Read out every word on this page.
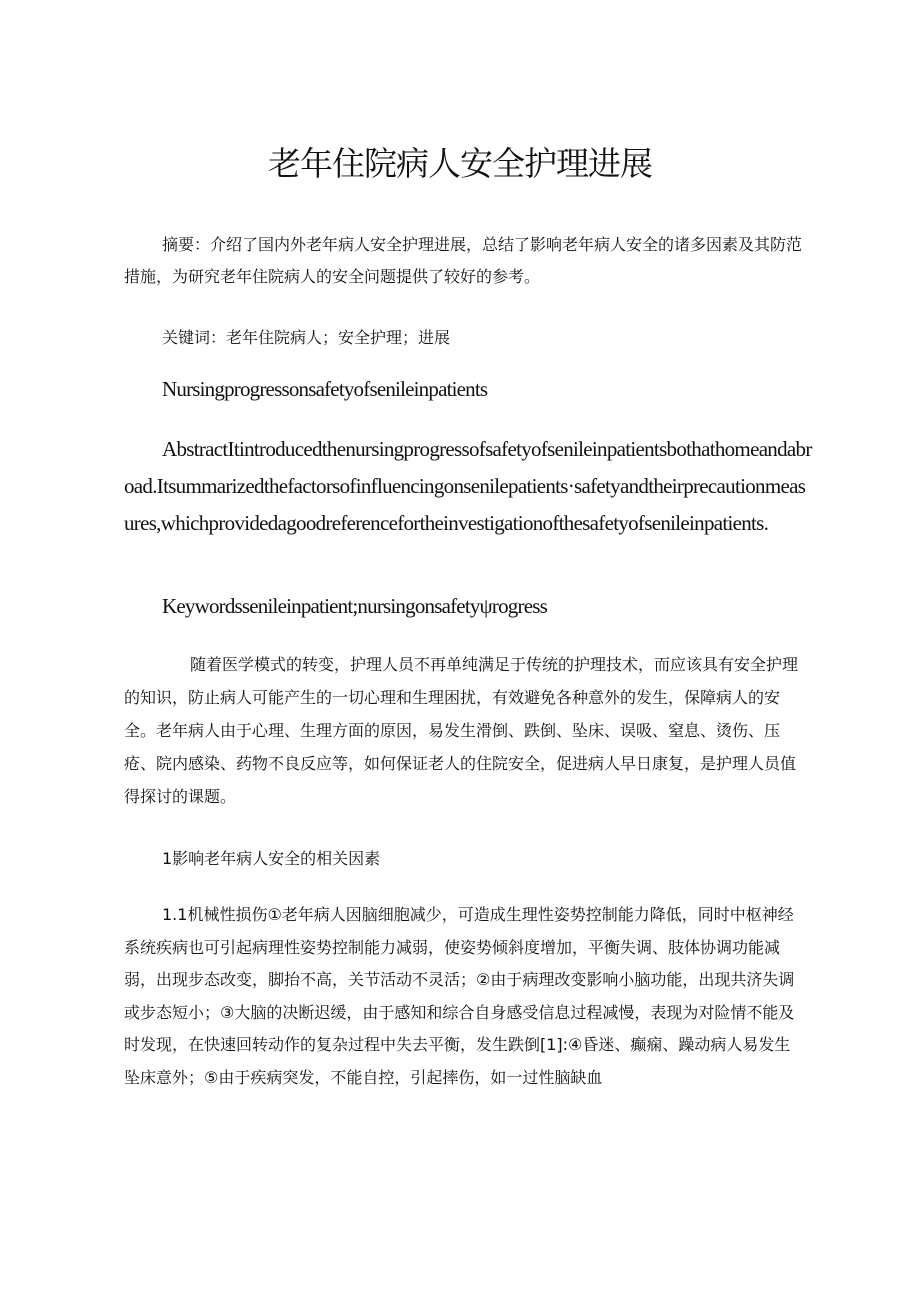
老年住院病人安全护理进展

摘要：介绍了国内外老年病人安全护理进展，总结了影响老年病人安全的诸多因素及其防范措施，为研究老年住院病人的安全问题提供了较好的参考。

关键词：老年住院病人；安全护理；进展

Nursingprogressonsafetyofsenileinpatients

AbstractItintroducedthenursingprogressofsafetyofsenileinpatientsbothathomeandabroad.Itsummarizedthefactorsofinfluencingonsenilepatients·safetyandtheirprecautionmeasures,whichprovidedagoodreferencefortheinvestigationofthesafetyofsenileinpatients.

Keywordssenileinpatient;nursingonsafetyψrogress

随着医学模式的转变，护理人员不再单纯满足于传统的护理技术，而应该具有安全护理的知识，防止病人可能产生的一切心理和生理困扰，有效避免各种意外的发生，保障病人的安全。老年病人由于心理、生理方面的原因，易发生滑倒、跌倒、坠床、误吸、窒息、烫伤、压疮、院内感染、药物不良反应等，如何保证老人的住院安全，促进病人早日康复，是护理人员值得探讨的课题。

1影响老年病人安全的相关因素

1.1机械性损伤①老年病人因脑细胞减少，可造成生理性姿势控制能力降低，同时中枢神经系统疾病也可引起病理性姿势控制能力减弱，使姿势倾斜度增加，平衡失调、肢体协调功能减弱，出现步态改变，脚抬不高，关节活动不灵活；②由于病理改变影响小脑功能，出现共济失调或步态短小；③大脑的决断迟缓，由于感知和综合自身感受信息过程减慢，表现为对险情不能及时发现，在快速回转动作的复杂过程中失去平衡，发生跌倒[1]:④昏迷、癫痫、躁动病人易发生坠床意外；⑤由于疾病突发，不能自控，引起摔伤，如一过性脑缺血
